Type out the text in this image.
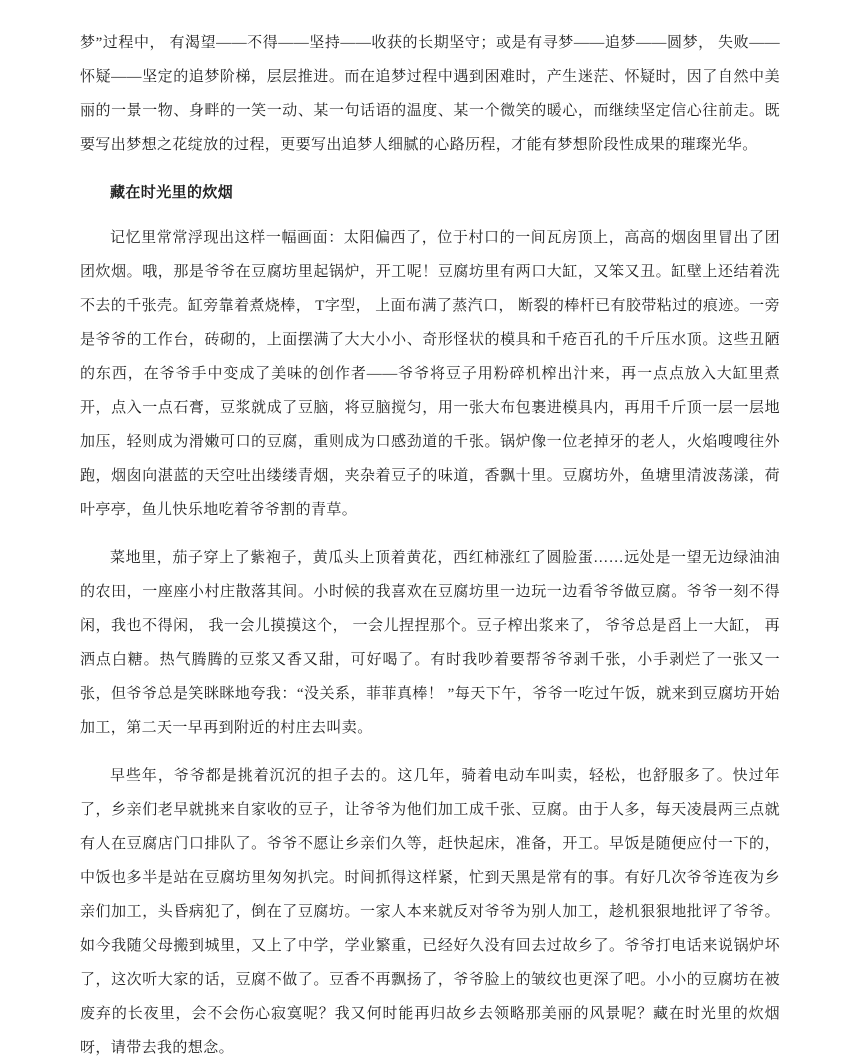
梦”过程中， 有渴望——不得——坚持——收获的长期坚守；或是有寻梦——追梦——圆梦， 失败——怀疑——坚定的追梦阶梯，层层推进。而在追梦过程中遇到困难时，产生迷茫、怀疑时，因了自然中美丽的一景一物、身畔的一笑一动、某一句话语的温度、某一个微笑的暖心，而继续坚定信心往前走。既要写出梦想之花绽放的过程，更要写出追梦人细腻的心路历程，才能有梦想阶段性成果的璀璨光华。

藏在时光里的炊烟

记忆里常常浮现出这样一幅画面：太阳偏西了，位于村口的一间瓦房顶上，高高的烟囱里冒出了团团炊烟。哦，那是爷爷在豆腐坊里起锅炉，开工呢！豆腐坊里有两口大缸，又笨又丑。缸壁上还结着洗不去的千张壳。缸旁靠着煮烧棒， T字型， 上面布满了蒸汽口， 断裂的棒杆已有胶带粘过的痕迹。一旁是爷爷的工作台，砖砌的，上面摆满了大大小小、奇形怪状的模具和千疮百孔的千斤压水顶。这些丑陋的东西，在爷爷手中变成了美味的创作者——爷爷将豆子用粉碎机榨出汁来，再一点点放入大缸里煮开，点入一点石膏，豆浆就成了豆脑，将豆脑搅匀，用一张大布包裹进模具内，再用千斤顶一层一层地加压，轻则成为滑嫩可口的豆腐，重则成为口感劲道的千张。锅炉像一位老掉牙的老人，火焰嗖嗖往外跑，烟囱向湛蓝的天空吐出缕缕青烟，夹杂着豆子的味道，香飘十里。豆腐坊外，鱼塘里清波荡漾，荷叶亭亭，鱼儿快乐地吃着爷爷割的青草。

菜地里，茄子穿上了紫袍子，黄瓜头上顶着黄花，西红柿涨红了圆脸蛋……远处是一望无边绿油油的农田，一座座小村庄散落其间。小时候的我喜欢在豆腐坊里一边玩一边看爷爷做豆腐。爷爷一刻不得闲，我也不得闲， 我一会儿摸摸这个， 一会儿捏捏那个。豆子榨出浆来了， 爷爷总是舀上一大缸， 再洒点白糖。热气腾腾的豆浆又香又甜，可好喝了。有时我吵着要帮爷爷剥千张，小手剥烂了一张又一张，但爷爷总是笑眯眯地夸我：“没关系，菲菲真棒！ ”每天下午，爷爷一吃过午饭，就来到豆腐坊开始加工，第二天一早再到附近的村庄去叫卖。

早些年，爷爷都是挑着沉沉的担子去的。这几年，骑着电动车叫卖，轻松，也舒服多了。快过年了，乡亲们老早就挑来自家收的豆子，让爷爷为他们加工成千张、豆腐。由于人多，每天凌晨两三点就有人在豆腐店门口排队了。爷爷不愿让乡亲们久等，赶快起床，准备，开工。早饭是随便应付一下的，中饭也多半是站在豆腐坊里匆匆扒完。时间抓得这样紧，忙到天黑是常有的事。有好几次爷爷连夜为乡亲们加工，头昏病犯了，倒在了豆腐坊。一家人本来就反对爷爷为别人加工，趁机狠狠地批评了爷爷。如今我随父母搬到城里，又上了中学，学业繁重，已经好久没有回去过故乡了。爷爷打电话来说锅炉坏了，这次听大家的话，豆腐不做了。豆香不再飘扬了，爷爷脸上的皱纹也更深了吧。小小的豆腐坊在被废弃的长夜里，会不会伤心寂寞呢？我又何时能再归故乡去领略那美丽的风景呢？藏在时光里的炊烟呀，请带去我的想念。
